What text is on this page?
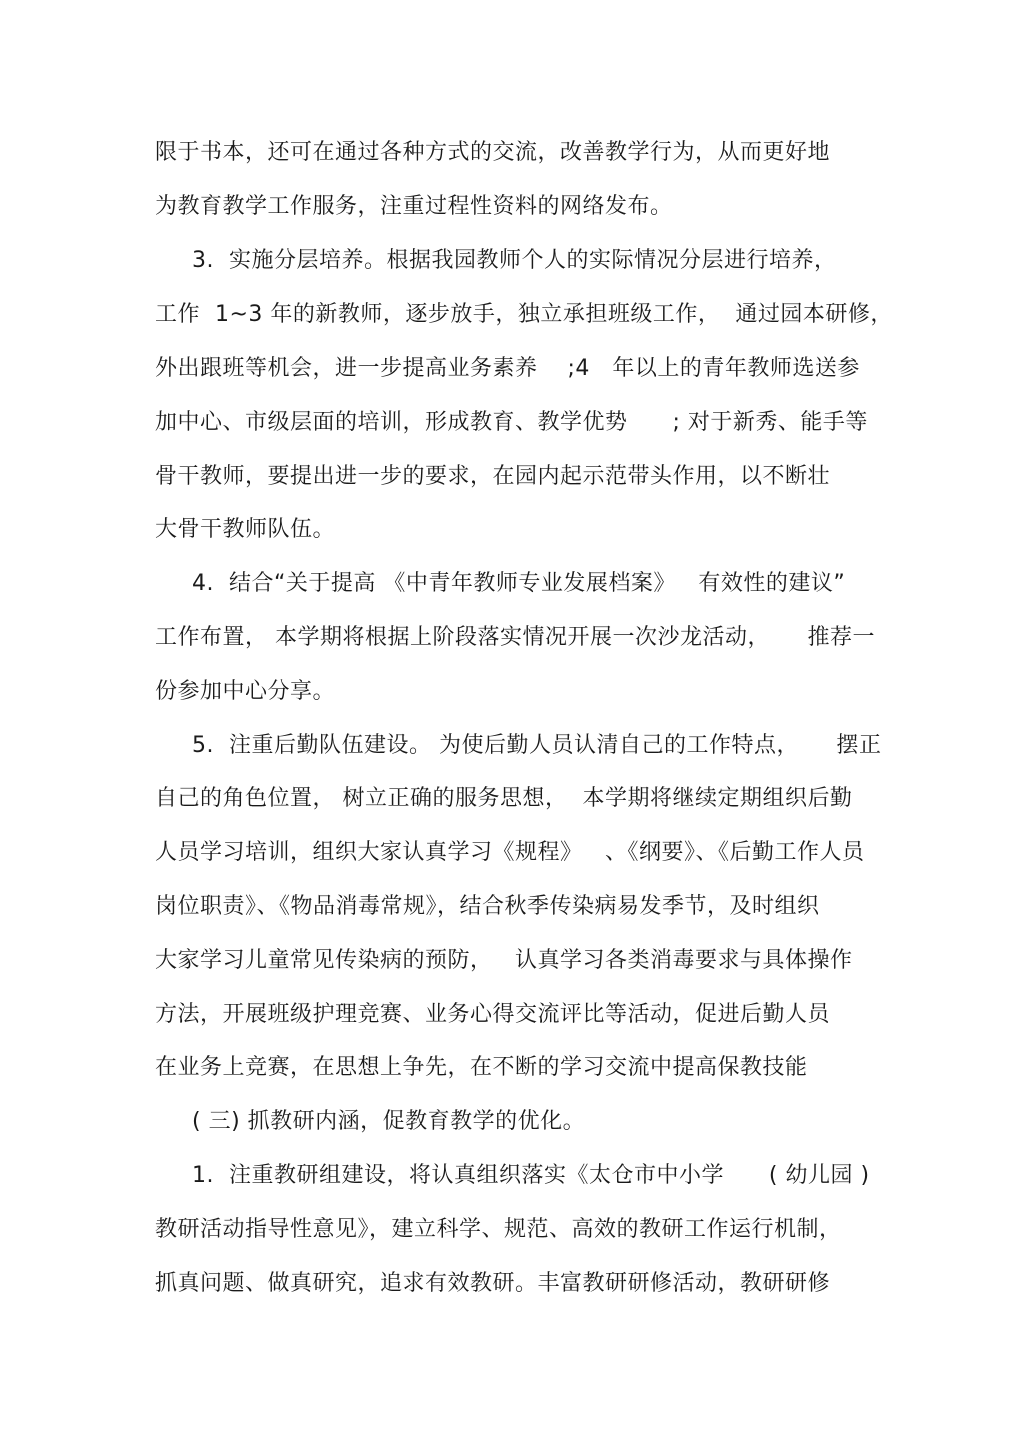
限于书本，还可在通过各种方式的交流，改善教学行为，从而更好地

为教育教学工作服务，注重过程性资料的网络发布。

3.  实施分层培养。根据我园教师个人的实际情况分层进行培养，

工作  1~3 年的新教师，逐步放手，独立承担班级工作，  通过园本研修，

外出跟班等机会，进一步提高业务素养    ;4   年以上的青年教师选送参

加中心、市级层面的培训，形成教育、教学优势      ; 对于新秀、能手等

骨干教师，要提出进一步的要求，在园内起示范带头作用，以不断壮

大骨干教师队伍。

4.  结合“关于提高 《中青年教师专业发展档案》   有效性的建议”

工作布置， 本学期将根据上阶段落实情况开展一次沙龙活动，     推荐一

份参加中心分享。

5.  注重后勤队伍建设。 为使后勤人员认清自己的工作特点，     摆正

自己的角色位置， 树立正确的服务思想，  本学期将继续定期组织后勤

人员学习培训，组织大家认真学习《规程》   、《纲要》、《后勤工作人员

岗位职责》、《物品消毒常规》，结合秋季传染病易发季节，及时组织

大家学习儿童常见传染病的预防，   认真学习各类消毒要求与具体操作

方法，开展班级护理竞赛、业务心得交流评比等活动，促进后勤人员

在业务上竞赛，在思想上争先，在不断的学习交流中提高保教技能

( 三) 抓教研内涵，促教育教学的优化。

1.  注重教研组建设，将认真组织落实《太仓市中小学      ( 幼儿园 )

教研活动指导性意见》，建立科学、规范、高效的教研工作运行机制，

抓真问题、做真研究，追求有效教研。丰富教研研修活动，教研研修
